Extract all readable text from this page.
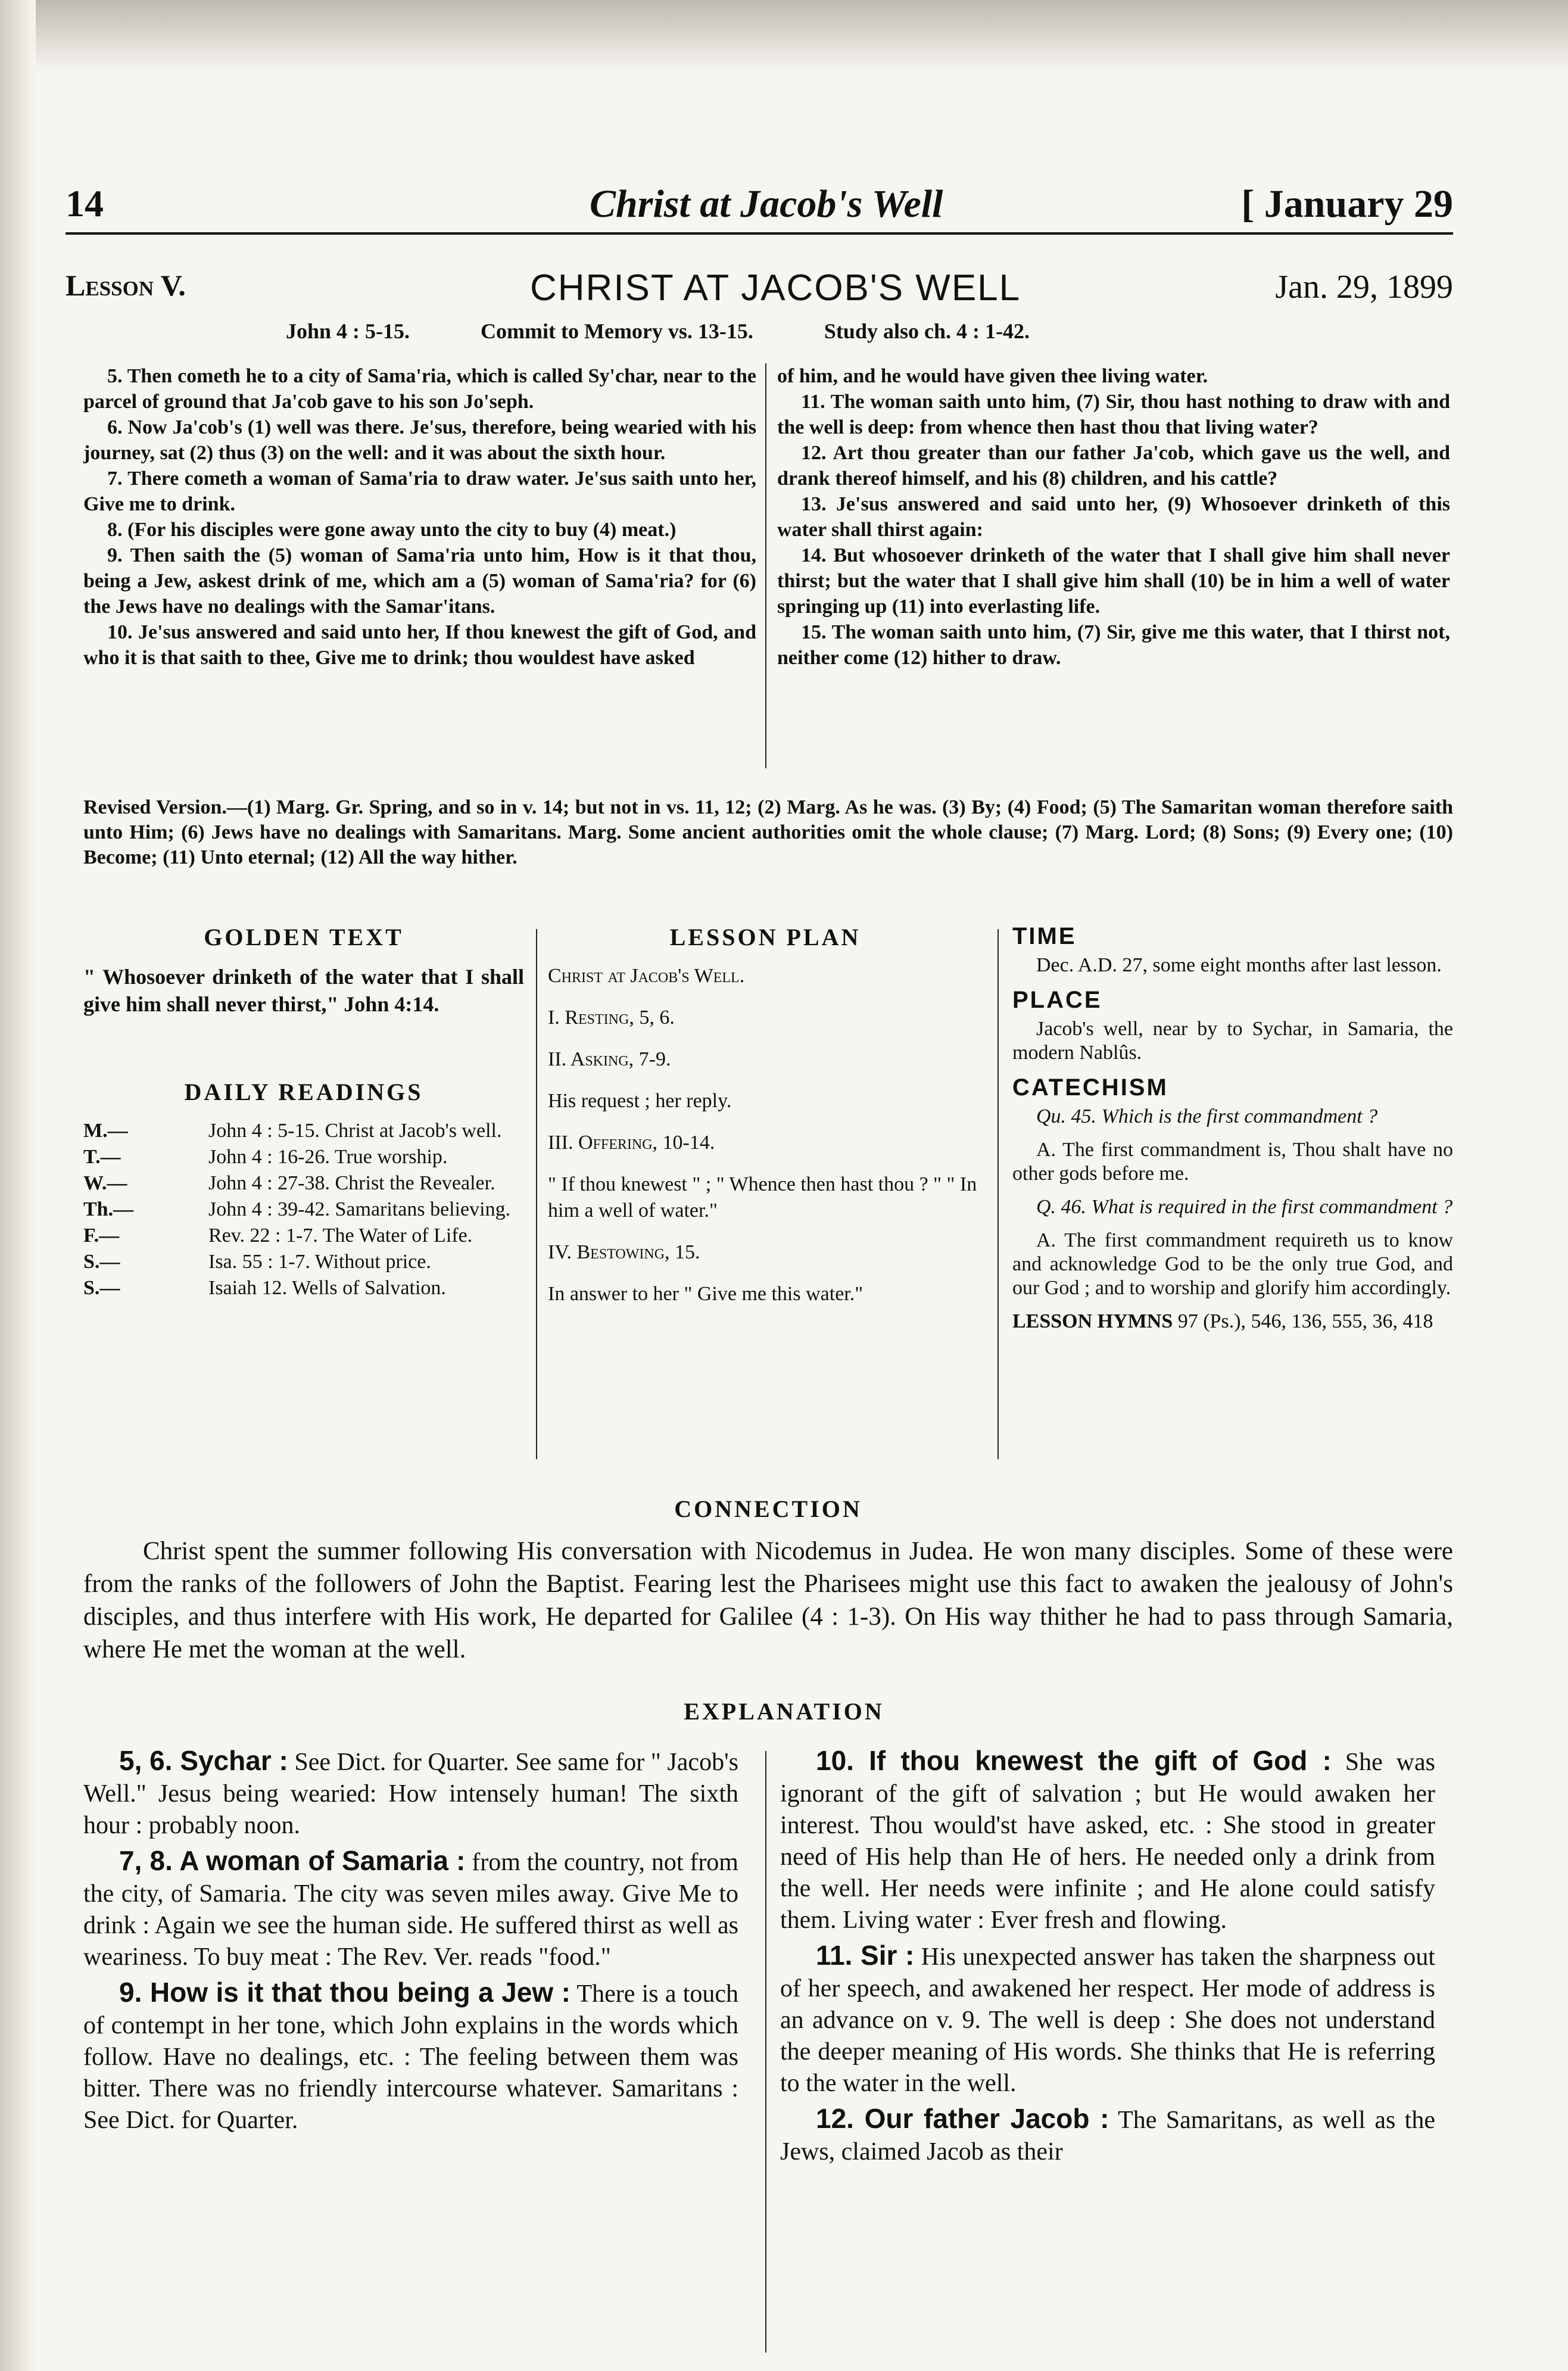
14	Christ at Jacob's Well	[ January 29
Lesson V.	CHRIST AT JACOB'S WELL	Jan. 29, 1899
John 4 : 5-15.	Commit to Memory vs. 13-15.	Study also ch. 4 : 1-42.

5. Then cometh he to a city of Sama'ria, which is called Sy'char, near to the parcel of ground that Ja'cob gave to his son Jo'seph.

6. Now Ja'cob's (1) well was there. Je'sus, therefore, being wearied with his journey, sat (2) thus (3) on the well: and it was about the sixth hour.

7. There cometh a woman of Sama'ria to draw water. Je'sus saith unto her, Give me to drink.

8. (For his disciples were gone away unto the city to buy (4) meat.)

9. Then saith the (5) woman of Sama'ria unto him, How is it that thou, being a Jew, askest drink of me, which am a (5) woman of Sama'ria? for (6) the Jews have no dealings with the Samar'itans.

10. Je'sus answered and said unto her, If thou knewest the gift of God, and who it is that saith to thee, Give me to drink; thou wouldest have asked

of him, and he would have given thee living water.

11. The woman saith unto him, (7) Sir, thou hast nothing to draw with and the well is deep: from whence then hast thou that living water?

12. Art thou greater than our father Ja'cob, which gave us the well, and drank thereof himself, and his (8) children, and his cattle?

13. Je'sus answered and said unto her, (9) Whosoever drinketh of this water shall thirst again:

14. But whosoever drinketh of the water that I shall give him shall never thirst; but the water that I shall give him shall (10) be in him a well of water springing up (11) into everlasting life.

15. The woman saith unto him, (7) Sir, give me this water, that I thirst not, neither come (12) hither to draw.

Revised Version.—(1) Marg. Gr. Spring, and so in v. 14; but not in vs. 11, 12; (2) Marg. As he was. (3) By; (4) Food; (5) The Samaritan woman therefore saith unto Him; (6) Jews have no dealings with Samaritans. Marg. Some ancient authorities omit the whole clause; (7) Marg. Lord; (8) Sons; (9) Every one; (10) Become; (11) Unto eternal; (12) All the way hither.
GOLDEN TEXT

" Whosoever drinketh of the water that I shall give him shall never thirst," John 4:14.

DAILY READINGS
M.—	John 4 : 5-15. Christ at Jacob's well.
T.—	John 4 : 16-26. True worship.
W.—	John 4 : 27-38. Christ the Revealer.
Th.—	John 4 : 39-42. Samaritans believing.
F.—	Rev. 22 : 1-7. The Water of Life.
S.—	Isa. 55 : 1-7. Without price.
S.—	Isaiah 12. Wells of Salvation.
LESSON PLAN

Christ at Jacob's Well.

I. Resting, 5, 6.

II. Asking, 7-9.

His request ; her reply.

III. Offering, 10-14.

" If thou knewest " ; " Whence then hast thou ? " " In him a well of water."

IV. Bestowing, 15.

In answer to her " Give me this water."

TIME

Dec. A.D. 27, some eight months after last lesson.

PLACE

Jacob's well, near by to Sychar, in Samaria, the modern Nablûs.

CATECHISM

Qu. 45. Which is the first commandment ?

A. The first commandment is, Thou shalt have no other gods before me.

Q. 46. What is required in the first commandment ?

A. The first commandment requireth us to know and acknowledge God to be the only true God, and our God ; and to worship and glorify him accordingly.

LESSON HYMNS 97 (Ps.), 546, 136, 555, 36, 418

CONNECTION

Christ spent the summer following His conversation with Nicodemus in Judea. He won many disciples. Some of these were from the ranks of the followers of John the Baptist. Fearing lest the Pharisees might use this fact to awaken the jealousy of John's disciples, and thus interfere with His work, He departed for Galilee (4 : 1-3). On His way thither he had to pass through Samaria, where He met the woman at the well.

EXPLANATION

5, 6. Sychar : See Dict. for Quarter. See same for " Jacob's Well." Jesus being wearied: How intensely human! The sixth hour : probably noon.

7, 8. A woman of Samaria : from the country, not from the city, of Samaria. The city was seven miles away. Give Me to drink : Again we see the human side. He suffered thirst as well as weariness. To buy meat : The Rev. Ver. reads "food."

9. How is it that thou being a Jew : There is a touch of contempt in her tone, which John explains in the words which follow. Have no dealings, etc. : The feeling between them was bitter. There was no friendly intercourse whatever. Samaritans : See Dict. for Quarter.

10. If thou knewest the gift of God : She was ignorant of the gift of salvation ; but He would awaken her interest. Thou would'st have asked, etc. : She stood in greater need of His help than He of hers. He needed only a drink from the well. Her needs were infinite ; and He alone could satisfy them. Living water : Ever fresh and flowing.

11. Sir : His unexpected answer has taken the sharpness out of her speech, and awakened her respect. Her mode of address is an advance on v. 9. The well is deep : She does not understand the deeper meaning of His words. She thinks that He is referring to the water in the well.

12. Our father Jacob : The Samaritans, as well as the Jews, claimed Jacob as their
